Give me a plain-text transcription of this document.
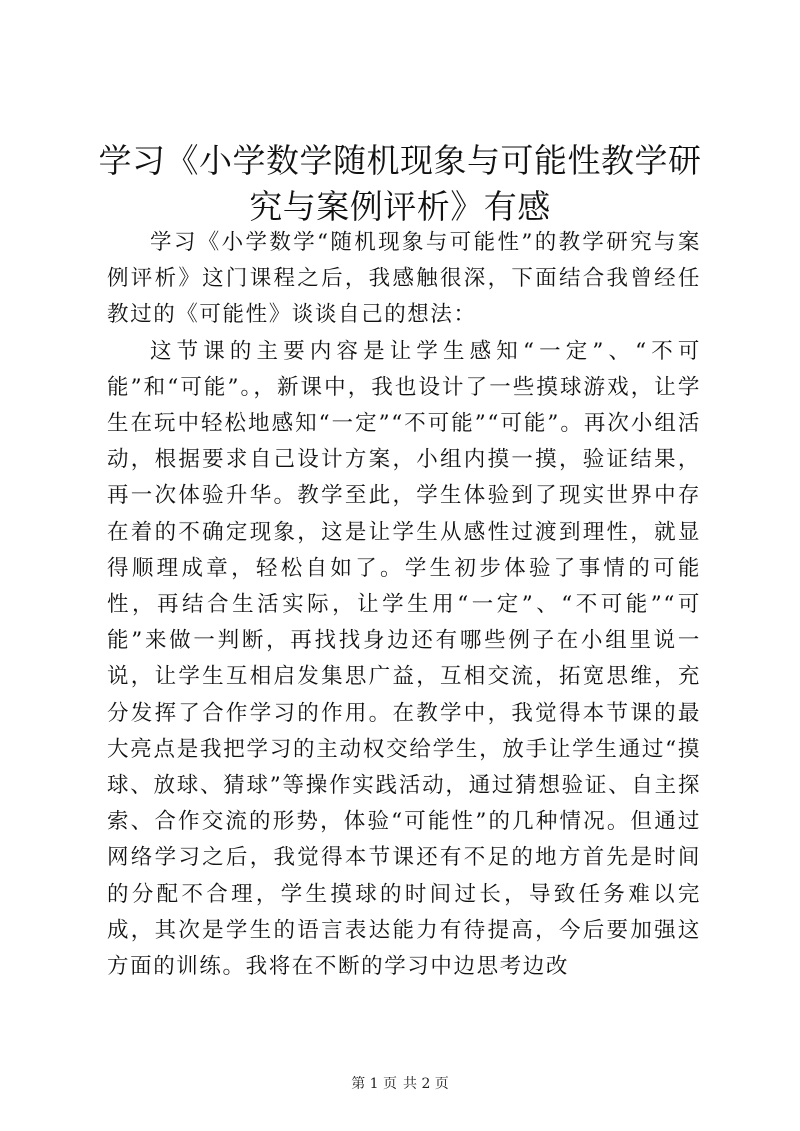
学习《小学数学随机现象与可能性教学研究与案例评析》有感

学习《小学数学“随机现象与可能性”的教学研究与案例评析》这门课程之后，我感触很深，下面结合我曾经任教过的《可能性》谈谈自己的想法：

这节课的主要内容是让学生感知“一定”、“不可能”和“可能”。，新课中，我也设计了一些摸球游戏，让学生在玩中轻松地感知“一定”“不可能”“可能”。再次小组活动，根据要求自己设计方案，小组内摸一摸，验证结果，再一次体验升华。教学至此，学生体验到了现实世界中存在着的不确定现象，这是让学生从感性过渡到理性，就显得顺理成章，轻松自如了。学生初步体验了事情的可能性，再结合生活实际，让学生用“一定”、“不可能”“可能”来做一判断，再找找身边还有哪些例子在小组里说一说，让学生互相启发集思广益，互相交流，拓宽思维，充分发挥了合作学习的作用。在教学中，我觉得本节课的最大亮点是我把学习的主动权交给学生，放手让学生通过“摸球、放球、猜球”等操作实践活动，通过猜想验证、自主探索、合作交流的形势，体验“可能性”的几种情况。但通过网络学习之后，我觉得本节课还有不足的地方首先是时间的分配不合理，学生摸球的时间过长，导致任务难以完成，其次是学生的语言表达能力有待提高，今后要加强这方面的训练。我将在不断的学习中边思考边改

第 1 页 共 2 页
